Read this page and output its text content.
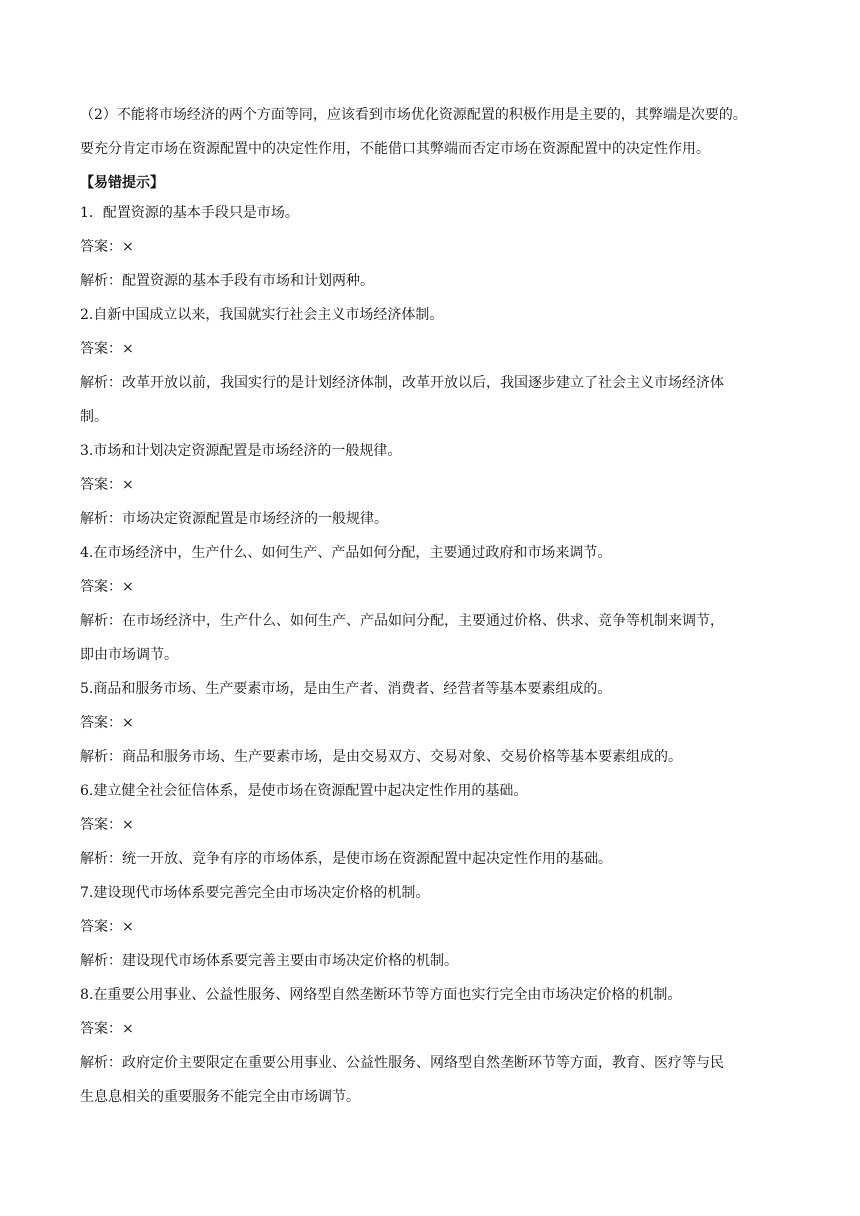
（2）不能将市场经济的两个方面等同，应该看到市场优化资源配置的积极作用是主要的，其弊端是次要的。
要充分肯定市场在资源配置中的决定性作用，不能借口其弊端而否定市场在资源配置中的决定性作用。
【易错提示】
1．配置资源的基本手段只是市场。
答案：×
解析：配置资源的基本手段有市场和计划两种。
2.自新中国成立以来，我国就实行社会主义市场经济体制。
答案：×
解析：改革开放以前，我国实行的是计划经济体制，改革开放以后，我国逐步建立了社会主义市场经济体
制。
3.市场和计划决定资源配置是市场经济的一般规律。
答案：×
解析：市场决定资源配置是市场经济的一般规律。
4.在市场经济中，生产什么、如何生产、产品如何分配，主要通过政府和市场来调节。
答案：×
解析：在市场经济中，生产什么、如何生产、产品如问分配，主要通过价格、供求、竞争等机制来调节，
即由市场调节。
5.商品和服务市场、生产要素市场，是由生产者、消费者、经营者等基本要素组成的。
答案：×
解析：商品和服务市场、生产要素市场，是由交易双方、交易对象、交易价格等基本要素组成的。
6.建立健全社会征信体系，是使市场在资源配置中起决定性作用的基础。
答案：×
解析：统一开放、竞争有序的市场体系，是使市场在资源配置中起决定性作用的基础。
7.建设现代市场体系要完善完全由市场决定价格的机制。
答案：×
解析：建设现代市场体系要完善主要由市场决定价格的机制。
8.在重要公用事业、公益性服务、网络型自然垄断环节等方面也实行完全由市场决定价格的机制。
答案：×
解析：政府定价主要限定在重要公用事业、公益性服务、网络型自然垄断环节等方面，教育、医疗等与民
生息息相关的重要服务不能完全由市场调节。
